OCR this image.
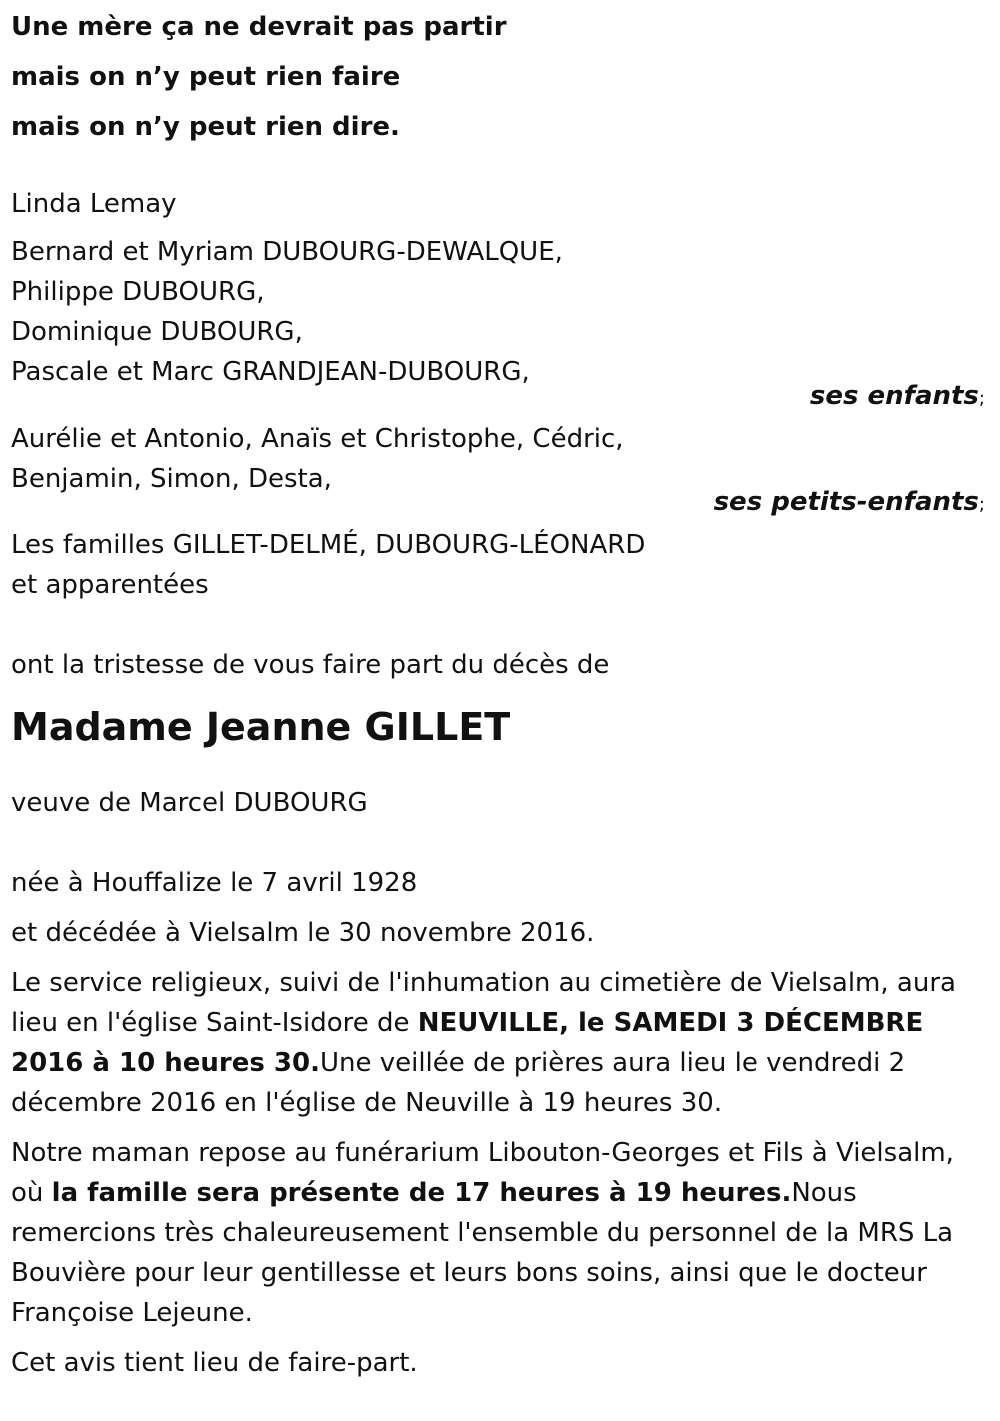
Une mère ça ne devrait pas partir
mais on n’y peut rien faire
mais on n’y peut rien dire.
Linda Lemay
Bernard et Myriam DUBOURG-DEWALQUE,
Philippe DUBOURG,
Dominique DUBOURG,
Pascale et Marc GRANDJEAN-DUBOURG,
ses enfants;
Aurélie et Antonio, Anaïs et Christophe, Cédric,
Benjamin, Simon, Desta,
ses petits-enfants;
Les familles GILLET-DELMÉ, DUBOURG-LÉONARD
et apparentées
ont la tristesse de vous faire part du décès de
Madame Jeanne GILLET
veuve de Marcel DUBOURG
née à Houffalize le 7 avril 1928
et décédée à Vielsalm le 30 novembre 2016.

Le service religieux, suivi de l'inhumation au cimetière de Vielsalm, aura lieu en l'église Saint-Isidore de NEUVILLE, le SAMEDI 3 DÉCEMBRE 2016 à 10 heures 30.Une veillée de prières aura lieu le vendredi 2 décembre 2016 en l'église de Neuville à 19 heures 30.

Notre maman repose au funérarium Libouton-Georges et Fils à Vielsalm, où la famille sera présente de 17 heures à 19 heures.Nous remercions très chaleureusement l'ensemble du personnel de la MRS La Bouvière pour leur gentillesse et leurs bons soins, ainsi que le docteur Françoise Lejeune.

Cet avis tient lieu de faire-part.
